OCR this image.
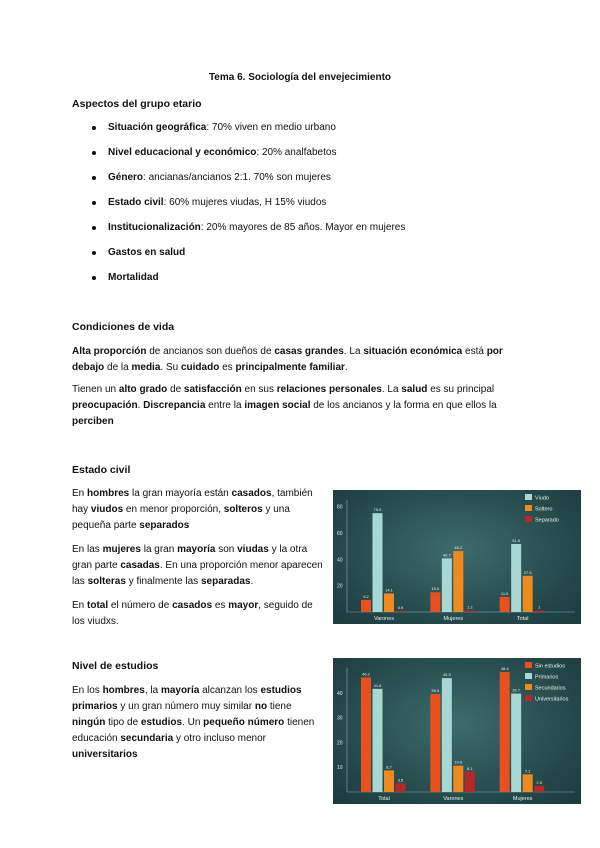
Tema 6. Sociología del envejecimiento
Aspectos del grupo etario
Situación geográfica: 70% viven en medio urbano
Nivel educacional y económico: 20% analfabetos
Género: ancianas/ancianos 2:1. 70% son mujeres
Estado civil: 60% mujeres viudas, H 15% viudos
Institucionalización: 20% mayores de 85 años. Mayor en mujeres
Gastos en salud
Mortalidad
Condiciones de vida
Alta proporción de ancianos son dueños de casas grandes. La situación económica está por debajo de la media. Su cuidado es principalmente familiar.
Tienen un alto grado de satisfacción en sus relaciones personales. La salud es su principal preocupación. Discrepancia entre la imagen social de los ancianos y la forma en que ellos la perciben
Estado civil

En hombres la gran mayoría están casados, también hay viudos en menor proporción, solteros y una pequeña parte separados

En las mujeres la gran mayoría son viudas y la otra gran parte casadas. En una proporción menor aparecen las solteras y finalmente las separadas.

En total el número de casados es mayor, seguido de los viudxs.

20
40
60
80
9.2
75.0
14.1
0.9
Varones
15.0
40.7
46.2
1.2
Mujeres
11.5
51.6
27.5
1
Total
Viudo
Soltero
Separado
Nivel de estudios

En los hombres, la mayoría alcanzan los estudios primarios y un gran número muy similar no tiene ningún tipo de estudios. Un pequeño número tienen educación secundaria y otro incluso menor universitarios

10
20
30
40
46.2
41.6
8.7
3.5
Total
39.5
45.9
10.6
8.1
Varones
48.4
39.7
7.1
2.5
Mujeres
Sin estudios
Primarios
Secundarios
Universitarios
